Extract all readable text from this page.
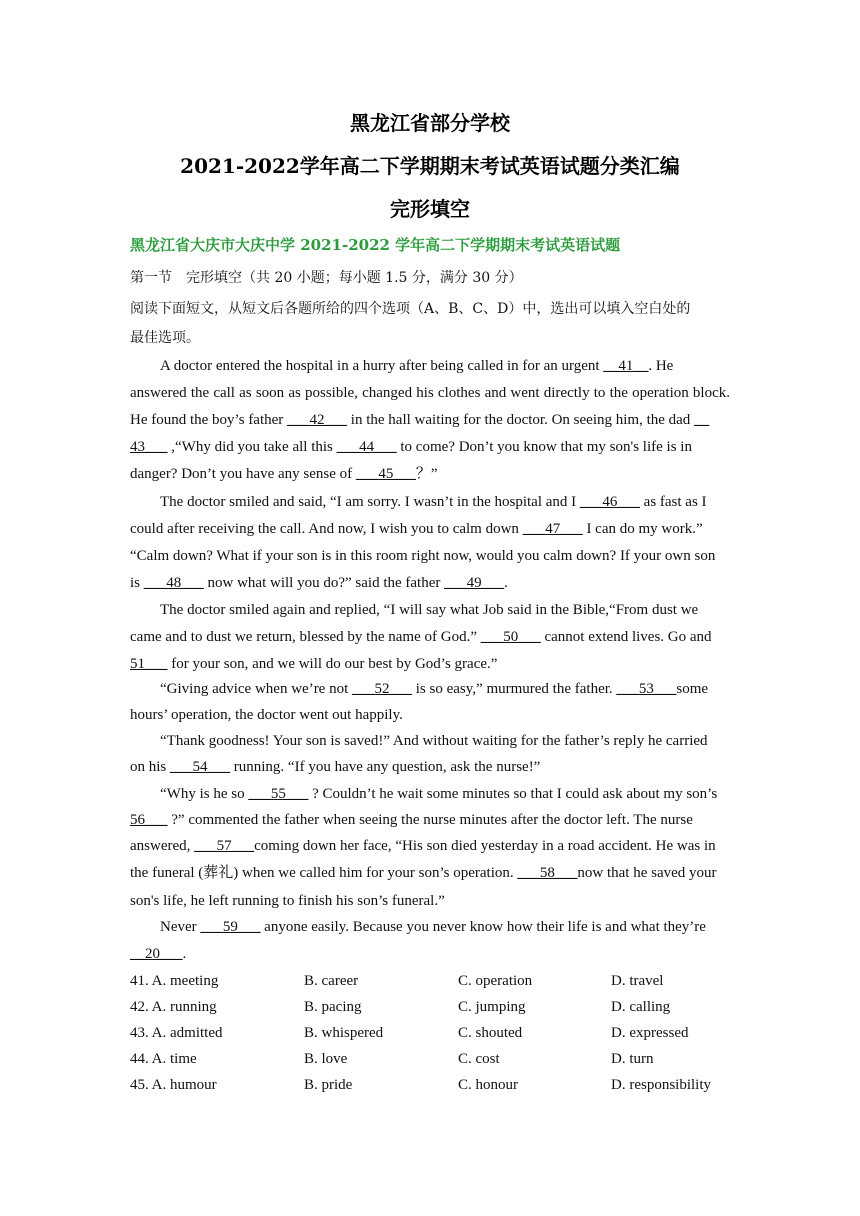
黑龙江省部分学校
2021-2022学年高二下学期期末考试英语试题分类汇编
完形填空
黑龙江省大庆市大庆中学 2021-2022 学年高二下学期期末考试英语试题
第一节　完形填空（共 20 小题；每小题 1.5 分，满分 30 分）
阅读下面短文，从短文后各题所给的四个选项（A、B、C、D）中，选出可以填入空白处的
最佳选项。
A doctor entered the hospital in a hurry after being called in for an urgent __41__. He
answered the call as soon as possible, changed his clothes and went directly to the operation block.
He found the boy’s father ___42___ in the hall waiting for the doctor. On seeing him, the dad __
43___ ,“Why did you take all this ___44___ to come? Don’t you know that my son's life is in
danger? Don’t you have any sense of ___45___？”
The doctor smiled and said, “I am sorry. I wasn’t in the hospital and I ___46___ as fast as I
could after receiving the call. And now, I wish you to calm down ___47___ I can do my work.”
“Calm down? What if your son is in this room right now, would you calm down? If your own son
is ___48___ now what will you do?” said the father ___49___.
The doctor smiled again and replied, “I will say what Job said in the Bible,“From dust we
came and to dust we return, blessed by the name of God.” ___50___ cannot extend lives. Go and
51___ for your son, and we will do our best by God’s grace.”
“Giving advice when we’re not ___52___ is so easy,” murmured the father. ___53___some
hours’ operation, the doctor went out happily.
“Thank goodness! Your son is saved!” And without waiting for the father’s reply he carried
on his ___54___ running. “If you have any question, ask the nurse!”
“Why is he so ___55___ ? Couldn’t he wait some minutes so that I could ask about my son’s
56___ ?” commented the father when seeing the nurse minutes after the doctor left. The nurse
answered, ___57___coming down her face, “His son died yesterday in a road accident. He was in
the funeral (葬礼) when we called him for your son’s operation. ___58___now that he saved your
son's life, he left running to finish his son’s funeral.”
Never ___59___ anyone easily. Because you never know how their life is and what they’re
__20___.
41. A. meeting	B. career	C. operation	D. travel
42. A. running	B. pacing	C. jumping	D. calling
43. A. admitted	B. whispered	C. shouted	D. expressed
44. A. time	B. love	C. cost	D. turn
45. A. humour	B. pride	C. honour	D. responsibility
